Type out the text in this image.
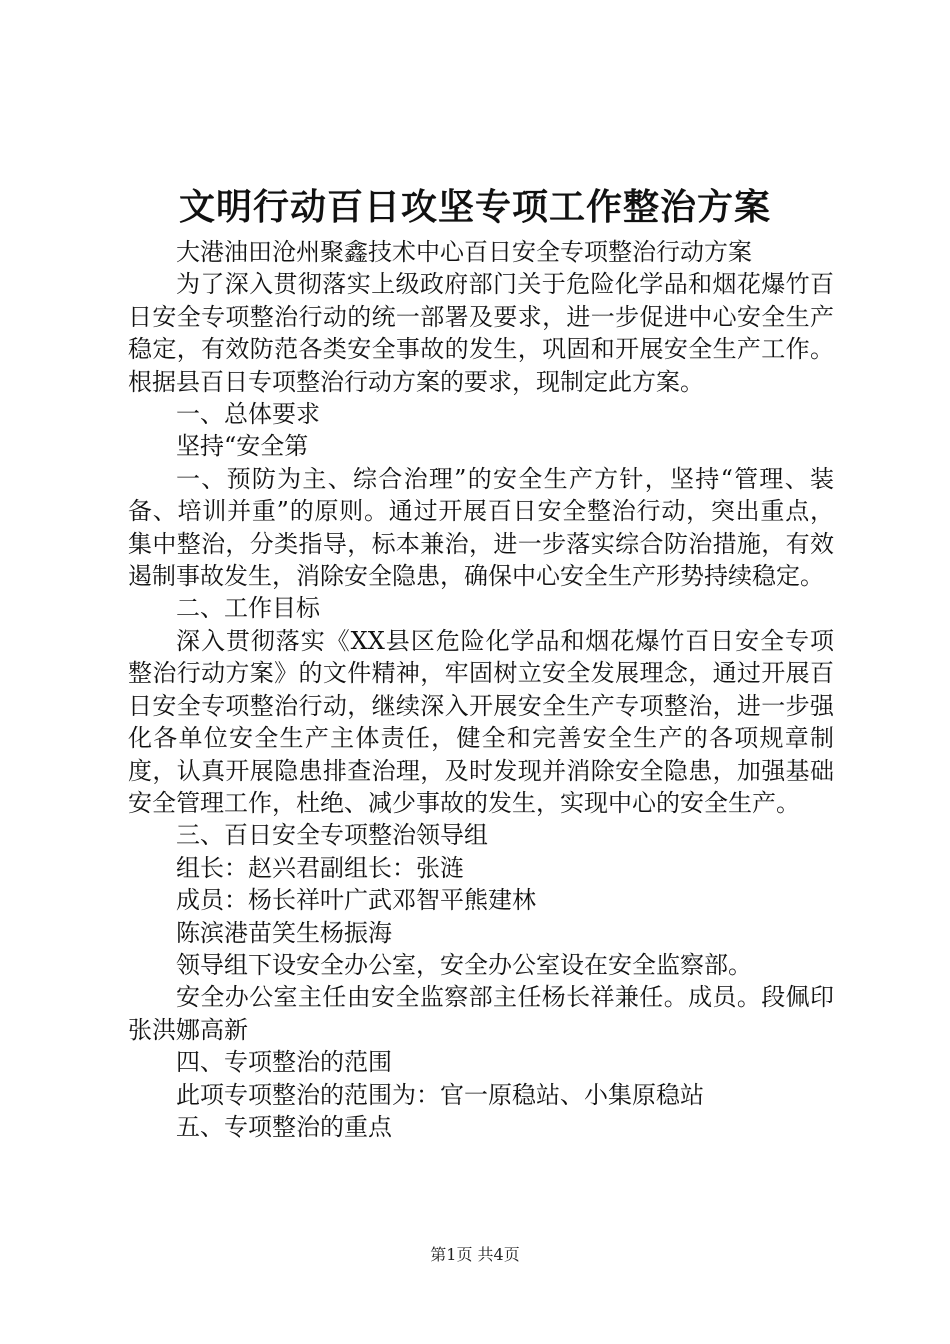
文明行动百日攻坚专项工作整治方案

大港油田沧州聚鑫技术中心百日安全专项整治行动方案

为了深入贯彻落实上级政府部门关于危险化学品和烟花爆竹百日安全专项整治行动的统一部署及要求，进一步促进中心安全生产稳定，有效防范各类安全事故的发生，巩固和开展安全生产工作。根据县百日专项整治行动方案的要求，现制定此方案。

一、总体要求

坚持“安全第

一、预防为主、综合治理”的安全生产方针，坚持“管理、装备、培训并重”的原则。通过开展百日安全整治行动，突出重点，集中整治，分类指导，标本兼治，进一步落实综合防治措施，有效遏制事故发生，消除安全隐患，确保中心安全生产形势持续稳定。

二、工作目标

深入贯彻落实《XX县区危险化学品和烟花爆竹百日安全专项整治行动方案》的文件精神，牢固树立安全发展理念，通过开展百日安全专项整治行动，继续深入开展安全生产专项整治，进一步强化各单位安全生产主体责任，健全和完善安全生产的各项规章制度，认真开展隐患排查治理，及时发现并消除安全隐患，加强基础安全管理工作，杜绝、减少事故的发生，实现中心的安全生产。

三、百日安全专项整治领导组

组长：赵兴君副组长：张涟

成员：杨长祥叶广武邓智平熊建林

陈滨港苗笑生杨振海

领导组下设安全办公室，安全办公室设在安全监察部。

安全办公室主任由安全监察部主任杨长祥兼任。成员。段佩印张洪娜高新

四、专项整治的范围

此项专项整治的范围为：官一原稳站、小集原稳站

五、专项整治的重点

第1页 共4页
